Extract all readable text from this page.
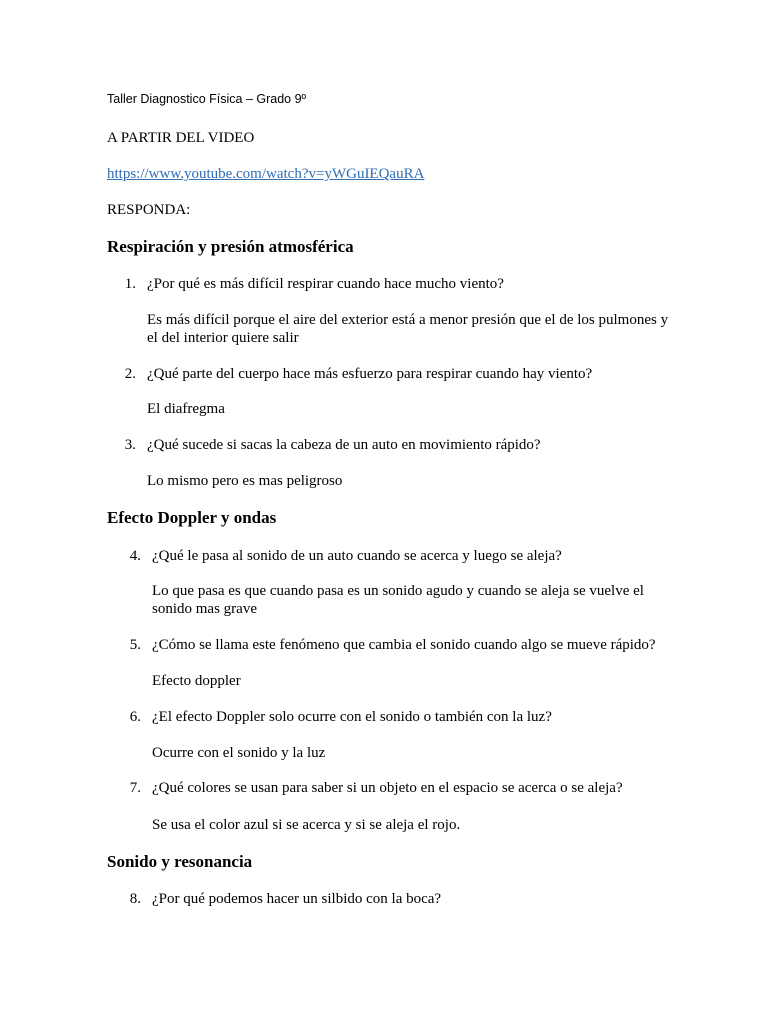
Taller Diagnostico Física – Grado 9º

A PARTIR DEL VIDEO

https://www.youtube.com/watch?v=yWGuIEQauRA

RESPONDA:

Respiración y presión atmosférica
1. ¿Por qué es más difícil respirar cuando hace mucho viento?

Es más difícil porque el aire del exterior está a menor presión que el de los pulmones y el del interior quiere salir

2. ¿Qué parte del cuerpo hace más esfuerzo para respirar cuando hay viento?

El diafregma

3. ¿Qué sucede si sacas la cabeza de un auto en movimiento rápido?

Lo mismo pero es mas peligroso

Efecto Doppler y ondas
4. ¿Qué le pasa al sonido de un auto cuando se acerca y luego se aleja?

Lo que pasa es que cuando pasa es un sonido agudo y cuando se aleja se vuelve el sonido mas grave

5. ¿Cómo se llama este fenómeno que cambia el sonido cuando algo se mueve rápido?

Efecto doppler

6. ¿El efecto Doppler solo ocurre con el sonido o también con la luz?

Ocurre con el sonido y la luz

7. ¿Qué colores se usan para saber si un objeto en el espacio se acerca o se aleja?

Se usa el color azul si se acerca y si se aleja el rojo.

Sonido y resonancia
8. ¿Por qué podemos hacer un silbido con la boca?
